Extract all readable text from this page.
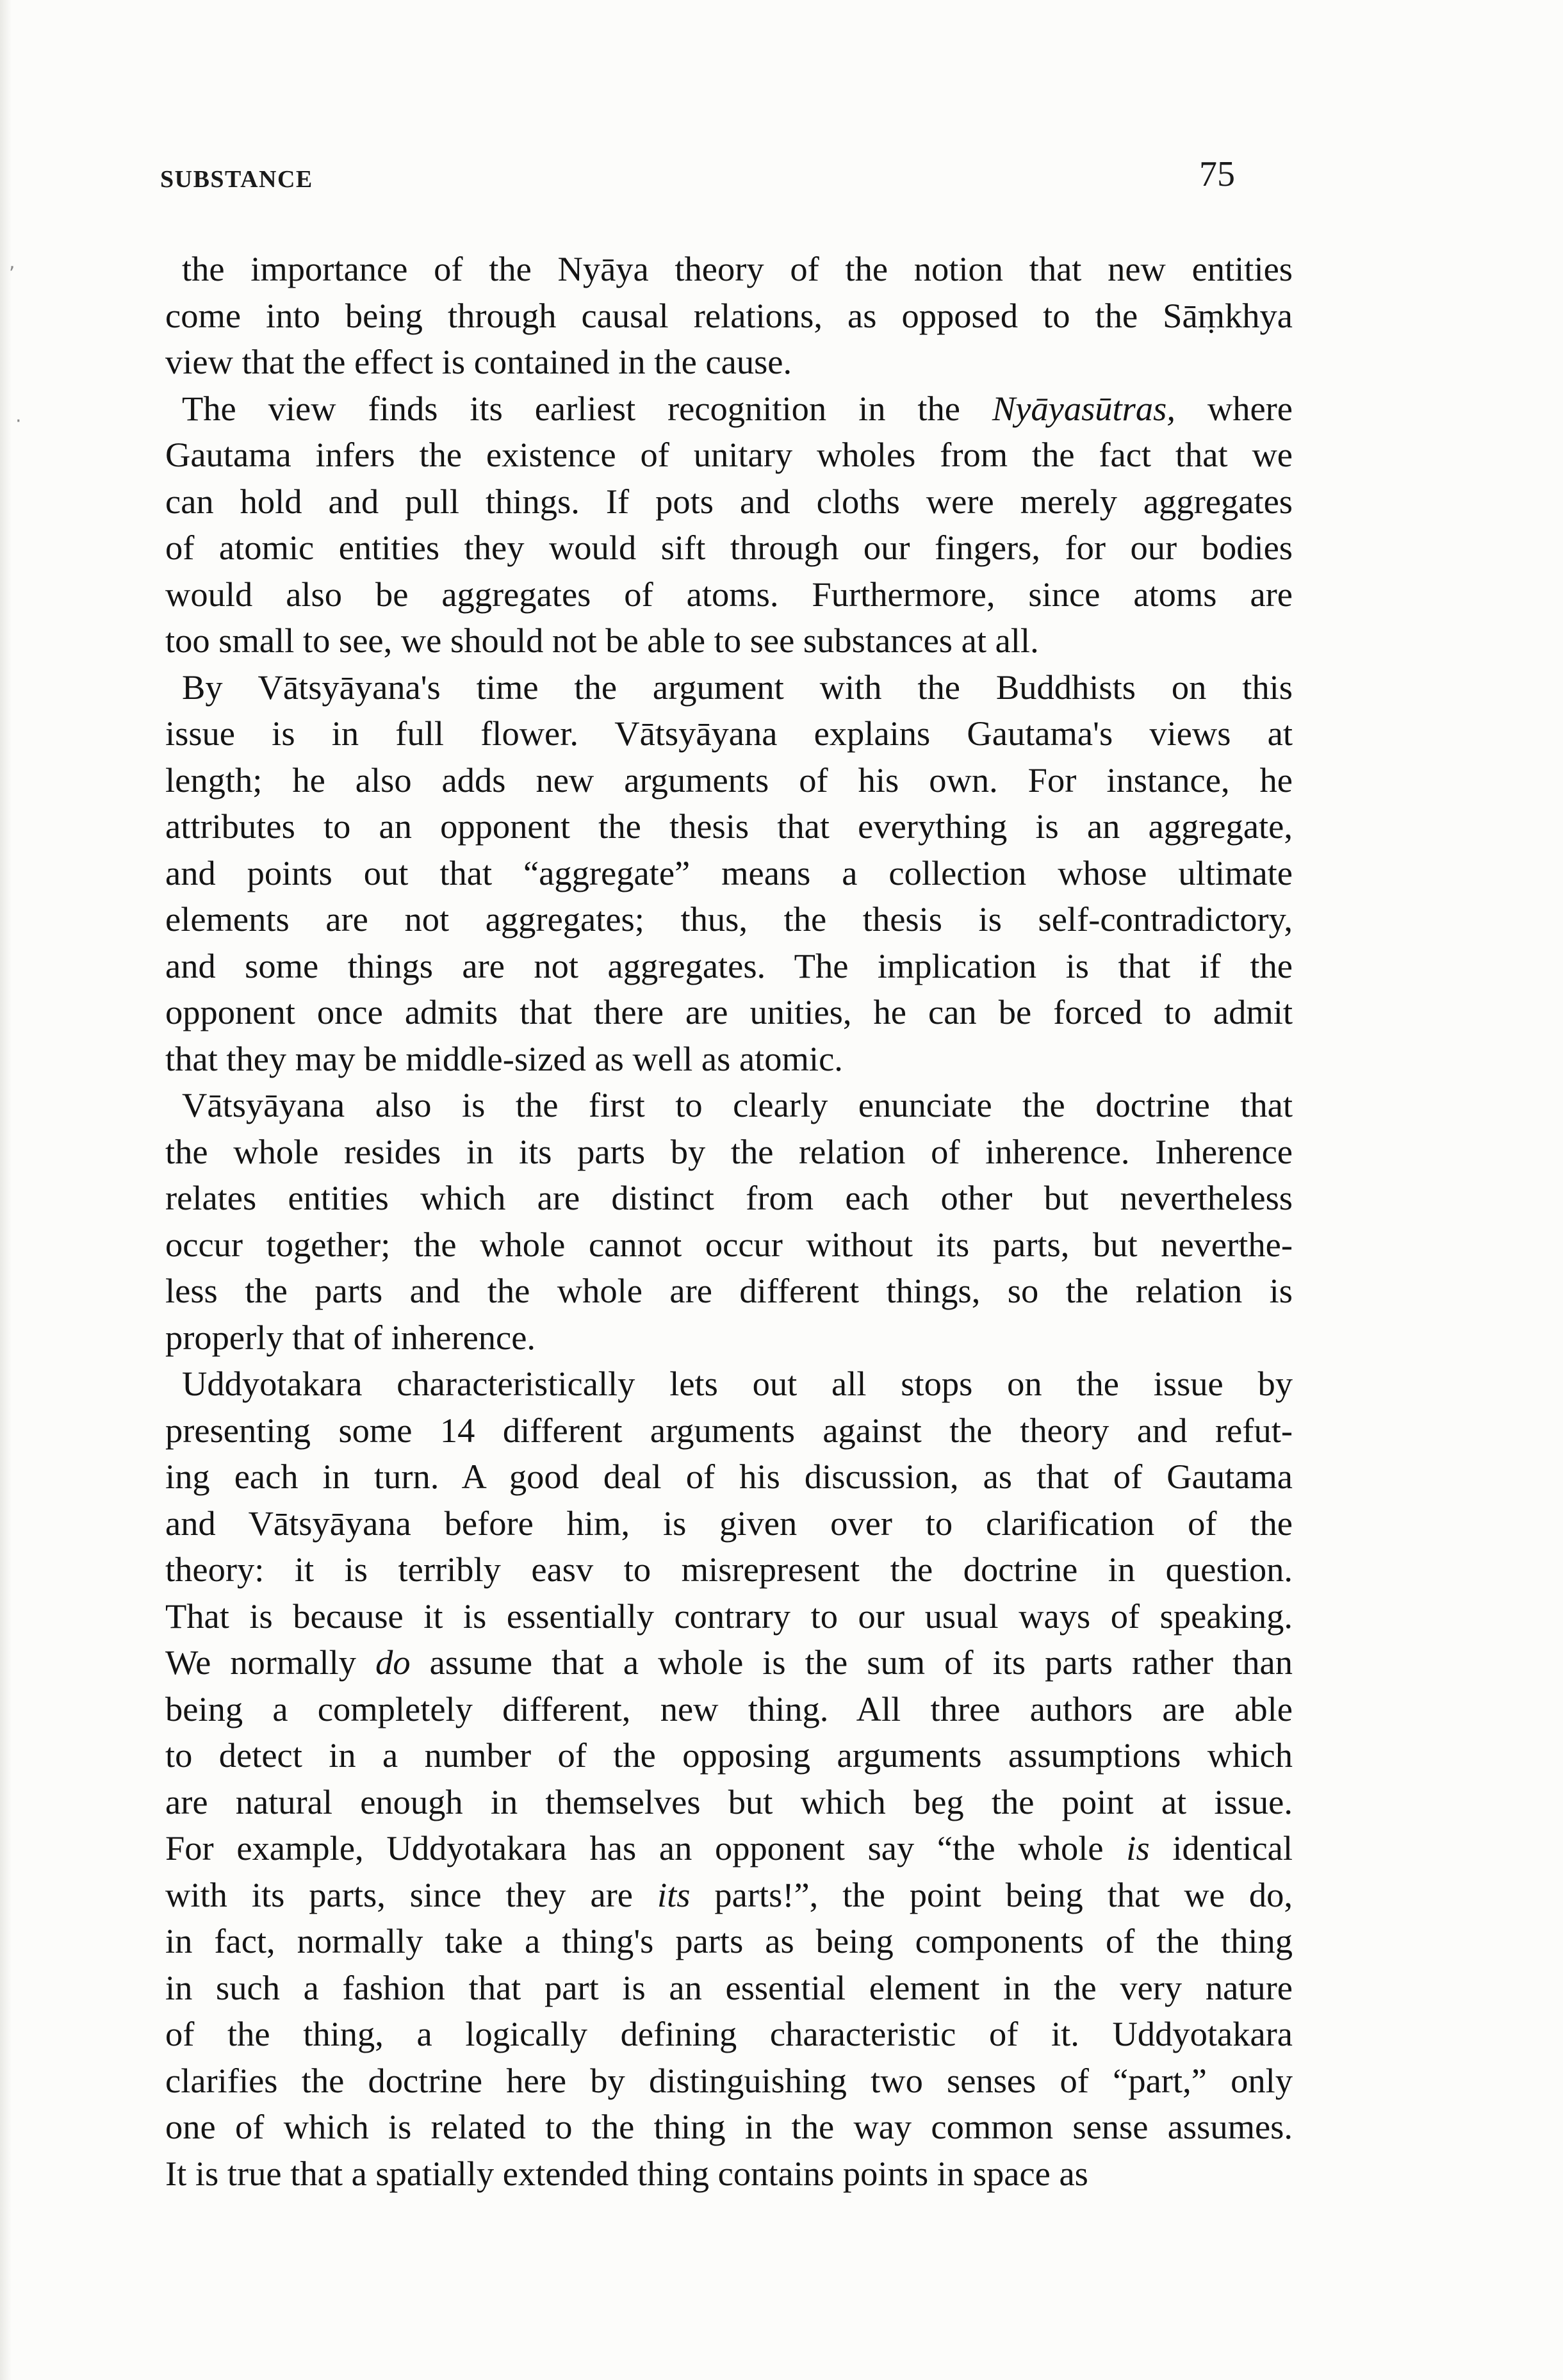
SUBSTANCE	75
the importance of the Nyāya theory of the notion that new entities
come into being through causal relations, as opposed to the Sāṃkhya
view that the effect is contained in the cause.
The view finds its earliest recognition in the Nyāyasūtras, where
Gautama infers the existence of unitary wholes from the fact that we
can hold and pull things. If pots and cloths were merely aggregates
of atomic entities they would sift through our fingers, for our bodies
would also be aggregates of atoms. Furthermore, since atoms are
too small to see, we should not be able to see substances at all.
By Vātsyāyana's time the argument with the Buddhists on this
issue is in full flower. Vātsyāyana explains Gautama's views at
length; he also adds new arguments of his own. For instance, he
attributes to an opponent the thesis that everything is an aggregate,
and points out that “aggregate” means a collection whose ultimate
elements are not aggregates; thus, the thesis is self-contradictory,
and some things are not aggregates. The implication is that if the
opponent once admits that there are unities, he can be forced to admit
that they may be middle-sized as well as atomic.
Vātsyāyana also is the first to clearly enunciate the doctrine that
the whole resides in its parts by the relation of inherence. Inherence
relates entities which are distinct from each other but nevertheless
occur together; the whole cannot occur without its parts, but neverthe-
less the parts and the whole are different things, so the relation is
properly that of inherence.
Uddyotakara characteristically lets out all stops on the issue by
presenting some 14 different arguments against the theory and refut-
ing each in turn. A good deal of his discussion, as that of Gautama
and Vātsyāyana before him, is given over to clarification of the
theory: it is terribly easv to misrepresent the doctrine in question.
That is because it is essentially contrary to our usual ways of speaking.
We normally do assume that a whole is the sum of its parts rather than
being a completely different, new thing. All three authors are able
to detect in a number of the opposing arguments assumptions which
are natural enough in themselves but which beg the point at issue.
For example, Uddyotakara has an opponent say “the whole is identical
with its parts, since they are its parts!”, the point being that we do,
in fact, normally take a thing's parts as being components of the thing
in such a fashion that part is an essential element in the very nature
of the thing, a logically defining characteristic of it. Uddyotakara
clarifies the doctrine here by distinguishing two senses of “part,” only
one of which is related to the thing in the way common sense assumes.
It is true that a spatially extended thing contains points in space as
,
·
